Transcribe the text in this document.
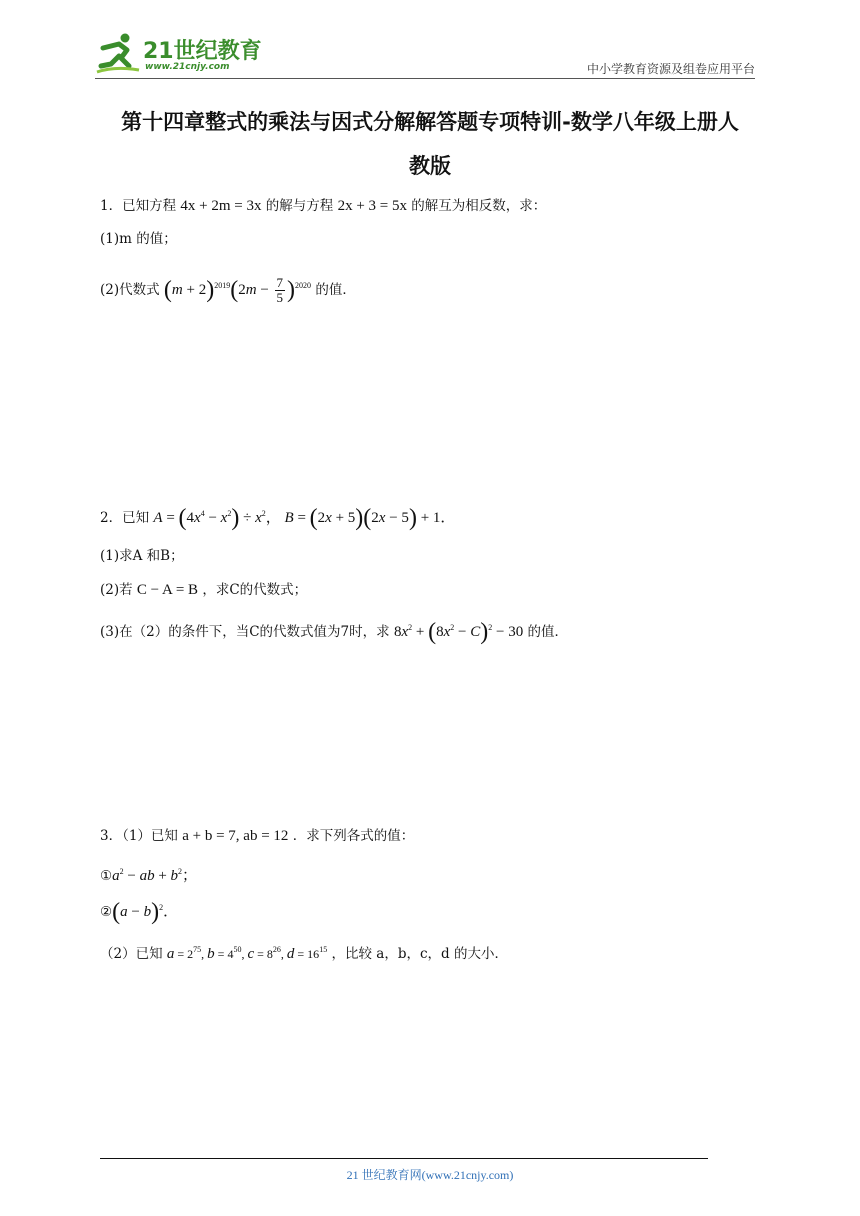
21世纪教育
www.21cnjy.com	中小学教育资源及组卷应用平台
第十四章整式的乘法与因式分解解答题专项特训-数学八年级上册人
教版
1．已知方程 4x + 2m = 3x 的解与方程 2x + 3 = 5x 的解互为相反数，求：
(1)m 的值；
(2)代数式 $(m + 2)^{2019}(2m - \frac{7}{5} )^{2020}$ 的值．
2．已知 $A = (4x^4 - x^2) \div x^2$， B = (2x + 5)(2x − 5) + 1．
(1)求A 和B；
(2)若 C − A = B ，求C的代数式；
(3)在（2）的条件下，当C的代数式值为7时，求 $8x^2 + (8x^2 - C)^2 - 30$ 的值．
3．（1）已知 a + b = 7, ab = 12 ．求下列各式的值：
$①a^2$ − ab + $b^2$；
②(a − b)$^2$．
（2）已知 $a = 2^{75}$, $b = 4^{50}$, $c = 8^{26}$, $d = 16^{15}$ ，比较 a，b，c，d 的大小．
21 世纪教育网(www.21cnjy.com)
